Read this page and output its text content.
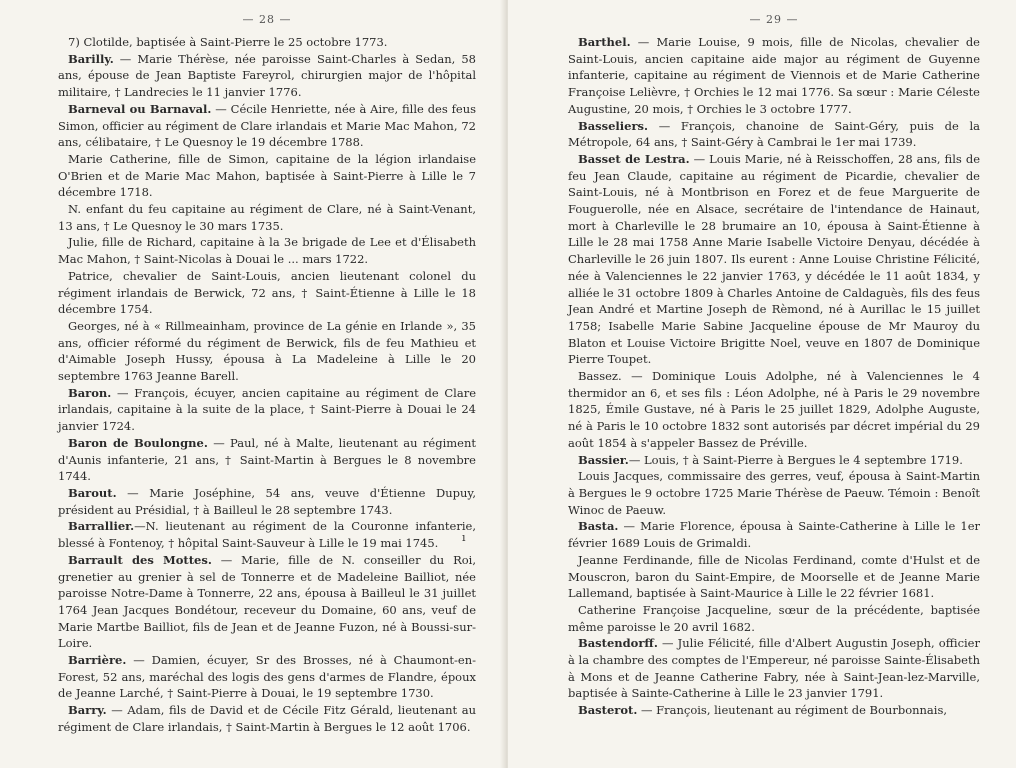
— 28 —

7) Clotilde, baptisée à Saint-Pierre le 25 octobre 1773.

Barilly. — Marie Thérèse, née paroisse Saint-Charles à Sedan, 58 ans, épouse de Jean Baptiste Fareyrol, chirurgien major de l'hôpital militaire, † Landrecies le 11 janvier 1776.

Barneval ou Barnaval. — Cécile Henriette, née à Aire, fille des feus Simon, officier au régiment de Clare irlandais et Marie Mac Mahon, 72 ans, célibataire, † Le Quesnoy le 19 décembre 1788.

Marie Catherine, fille de Simon, capitaine de la légion irlandaise O'Brien et de Marie Mac Mahon, baptisée à Saint-Pierre à Lille le 7 décembre 1718.

N. enfant du feu capitaine au régiment de Clare, né à Saint-Venant, 13 ans, † Le Quesnoy le 30 mars 1735.

Julie, fille de Richard, capitaine à la 3e brigade de Lee et d'Élisabeth Mac Mahon, † Saint-Nicolas à Douai le ... mars 1722.

Patrice, chevalier de Saint-Louis, ancien lieutenant colonel du régiment irlandais de Berwick, 72 ans, † Saint-Étienne à Lille le 18 décembre 1754.

Georges, né à « Rillmeainham, province de La génie en Irlande », 35 ans, officier réformé du régiment de Berwick, fils de feu Mathieu et d'Aimable Joseph Hussy, épousa à La Madeleine à Lille le 20 septembre 1763 Jeanne Barell.

Baron. — François, écuyer, ancien capitaine au régiment de Clare irlandais, capitaine à la suite de la place, † Saint-Pierre à Douai le 24 janvier 1724.

Baron de Boulongne. — Paul, né à Malte, lieutenant au régiment d'Aunis infanterie, 21 ans, † Saint-Martin à Bergues le 8 novembre 1744.

Barout. — Marie Joséphine, 54 ans, veuve d'Étienne Dupuy, président au Présidial, † à Bailleul le 28 septembre 1743.

Barrallier.—N. lieutenant au régiment de la Couronne infanterie, blessé à Fontenoy, † hôpital Saint-Sauveur à Lille le 19 mai 1745.

Barrault des Mottes. — Marie, fille de N. conseiller du Roi, grenetier au grenier à sel de Tonnerre et de Madeleine Bailliot, née paroisse Notre-Dame à Tonnerre, 22 ans, épousa à Bailleul le 31 juillet 1764 Jean Jacques Bondétour, receveur du Domaine, 60 ans, veuf de Marie Martbe Bailliot, fils de Jean et de Jeanne Fuzon, né à Boussi-sur-Loire.

Barrière. — Damien, écuyer, Sr des Brosses, né à Chaumont-en-Forest, 52 ans, maréchal des logis des gens d'armes de Flandre, époux de Jeanne Larché, † Saint-Pierre à Douai, le 19 septembre 1730.

Barry. — Adam, fils de David et de Cécile Fitz Gérald, lieutenant au régiment de Clare irlandais, † Saint-Martin à Bergues le 12 août 1706.

— 29 —

Barthel. — Marie Louise, 9 mois, fille de Nicolas, chevalier de Saint-Louis, ancien capitaine aide major au régiment de Guyenne infanterie, capitaine au régiment de Viennois et de Marie Catherine Françoise Lelièvre, † Orchies le 12 mai 1776. Sa sœur : Marie Céleste Augustine, 20 mois, † Orchies le 3 octobre 1777.

Basseliers. — François, chanoine de Saint-Géry, puis de la Métropole, 64 ans, † Saint-Géry à Cambrai le 1er mai 1739.

Basset de Lestra. — Louis Marie, né à Reisschoffen, 28 ans, fils de feu Jean Claude, capitaine au régiment de Picardie, chevalier de Saint-Louis, né à Montbrison en Forez et de feue Marguerite de Fouguerolle, née en Alsace, secrétaire de l'intendance de Hainaut, mort à Charleville le 28 brumaire an 10, épousa à Saint-Étienne à Lille le 28 mai 1758 Anne Marie Isabelle Victoire Denyau, décédée à Charleville le 26 juin 1807. Ils eurent : Anne Louise Christine Félicité, née à Valenciennes le 22 janvier 1763, y décédée le 11 août 1834, y alliée le 31 octobre 1809 à Charles Antoine de Caldaguès, fils des feus Jean André et Martine Joseph de Rèmond, né à Aurillac le 15 juillet 1758; Isabelle Marie Sabine Jacqueline épouse de Mr Mauroy du Blaton et Louise Victoire Brigitte Noel, veuve en 1807 de Dominique Pierre Toupet.

Bassez. — Dominique Louis Adolphe, né à Valenciennes le 4 thermidor an 6, et ses fils : Léon Adolphe, né à Paris le 29 novembre 1825, Émile Gustave, né à Paris le 25 juillet 1829, Adolphe Auguste, né à Paris le 10 octobre 1832 sont autorisés par décret impérial du 29 août 1854 à s'appeler Bassez de Préville.

Bassier.— Louis, † à Saint-Pierre à Bergues le 4 septembre 1719.

Louis Jacques, commissaire des gerres, veuf, épousa à Saint-Martin à Bergues le 9 octobre 1725 Marie Thérèse de Paeuw. Témoin : Benoît Winoc de Paeuw.

Basta. — Marie Florence, épousa à Sainte-Catherine à Lille le 1er février 1689 Louis de Grimaldi.

Jeanne Ferdinande, fille de Nicolas Ferdinand, comte d'Hulst et de Mouscron, baron du Saint-Empire, de Moorselle et de Jeanne Marie Lallemand, baptisée à Saint-Maurice à Lille le 22 février 1681.

Catherine Françoise Jacqueline, sœur de la précédente, baptisée même paroisse le 20 avril 1682.

Bastendorff. — Julie Félicité, fille d'Albert Augustin Joseph, officier à la chambre des comptes de l'Empereur, né paroisse Sainte-Élisabeth à Mons et de Jeanne Catherine Fabry, née à Saint-Jean-lez-Marville, baptisée à Sainte-Catherine à Lille le 23 janvier 1791.

Basterot. — François, lieutenant au régiment de Bourbonnais,

ı
